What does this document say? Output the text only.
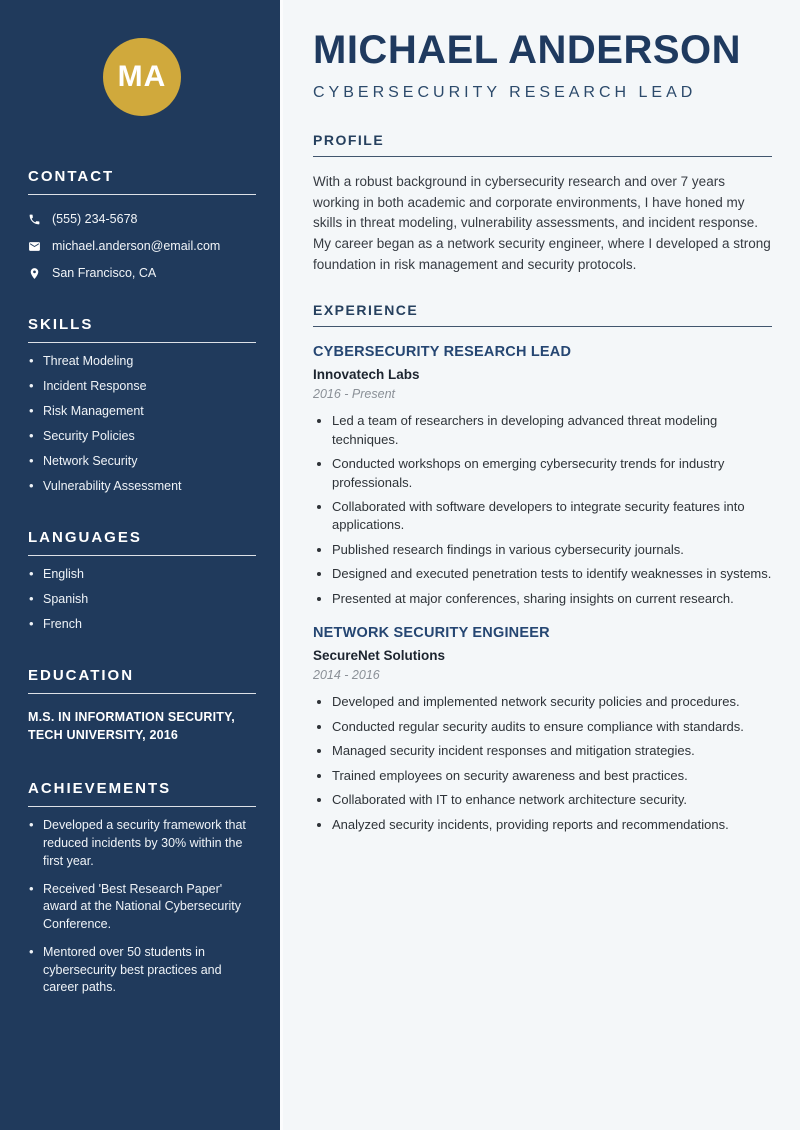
MA
CONTACT
(555) 234-5678
michael.anderson@email.com
San Francisco, CA
SKILLS
• Threat Modeling
• Incident Response
• Risk Management
• Security Policies
• Network Security
• Vulnerability Assessment
LANGUAGES
• English
• Spanish
• French
EDUCATION

M.S. IN INFORMATION SECURITY, TECH UNIVERSITY, 2016

ACHIEVEMENTS
• Developed a security framework that reduced incidents by 30% within the first year.
• Received 'Best Research Paper' award at the National Cybersecurity Conference.
• Mentored over 50 students in cybersecurity best practices and career paths.
MICHAEL ANDERSON
CYBERSECURITY RESEARCH LEAD
PROFILE

With a robust background in cybersecurity research and over 7 years working in both academic and corporate environments, I have honed my skills in threat modeling, vulnerability assessments, and incident response. My career began as a network security engineer, where I developed a strong foundation in risk management and security protocols.

EXPERIENCE
CYBERSECURITY RESEARCH LEAD
Innovatech Labs
2016 - Present
• Led a team of researchers in developing advanced threat modeling techniques.
• Conducted workshops on emerging cybersecurity trends for industry professionals.
• Collaborated with software developers to integrate security features into applications.
• Published research findings in various cybersecurity journals.
• Designed and executed penetration tests to identify weaknesses in systems.
• Presented at major conferences, sharing insights on current research.
NETWORK SECURITY ENGINEER
SecureNet Solutions
2014 - 2016
• Developed and implemented network security policies and procedures.
• Conducted regular security audits to ensure compliance with standards.
• Managed security incident responses and mitigation strategies.
• Trained employees on security awareness and best practices.
• Collaborated with IT to enhance network architecture security.
• Analyzed security incidents, providing reports and recommendations.
